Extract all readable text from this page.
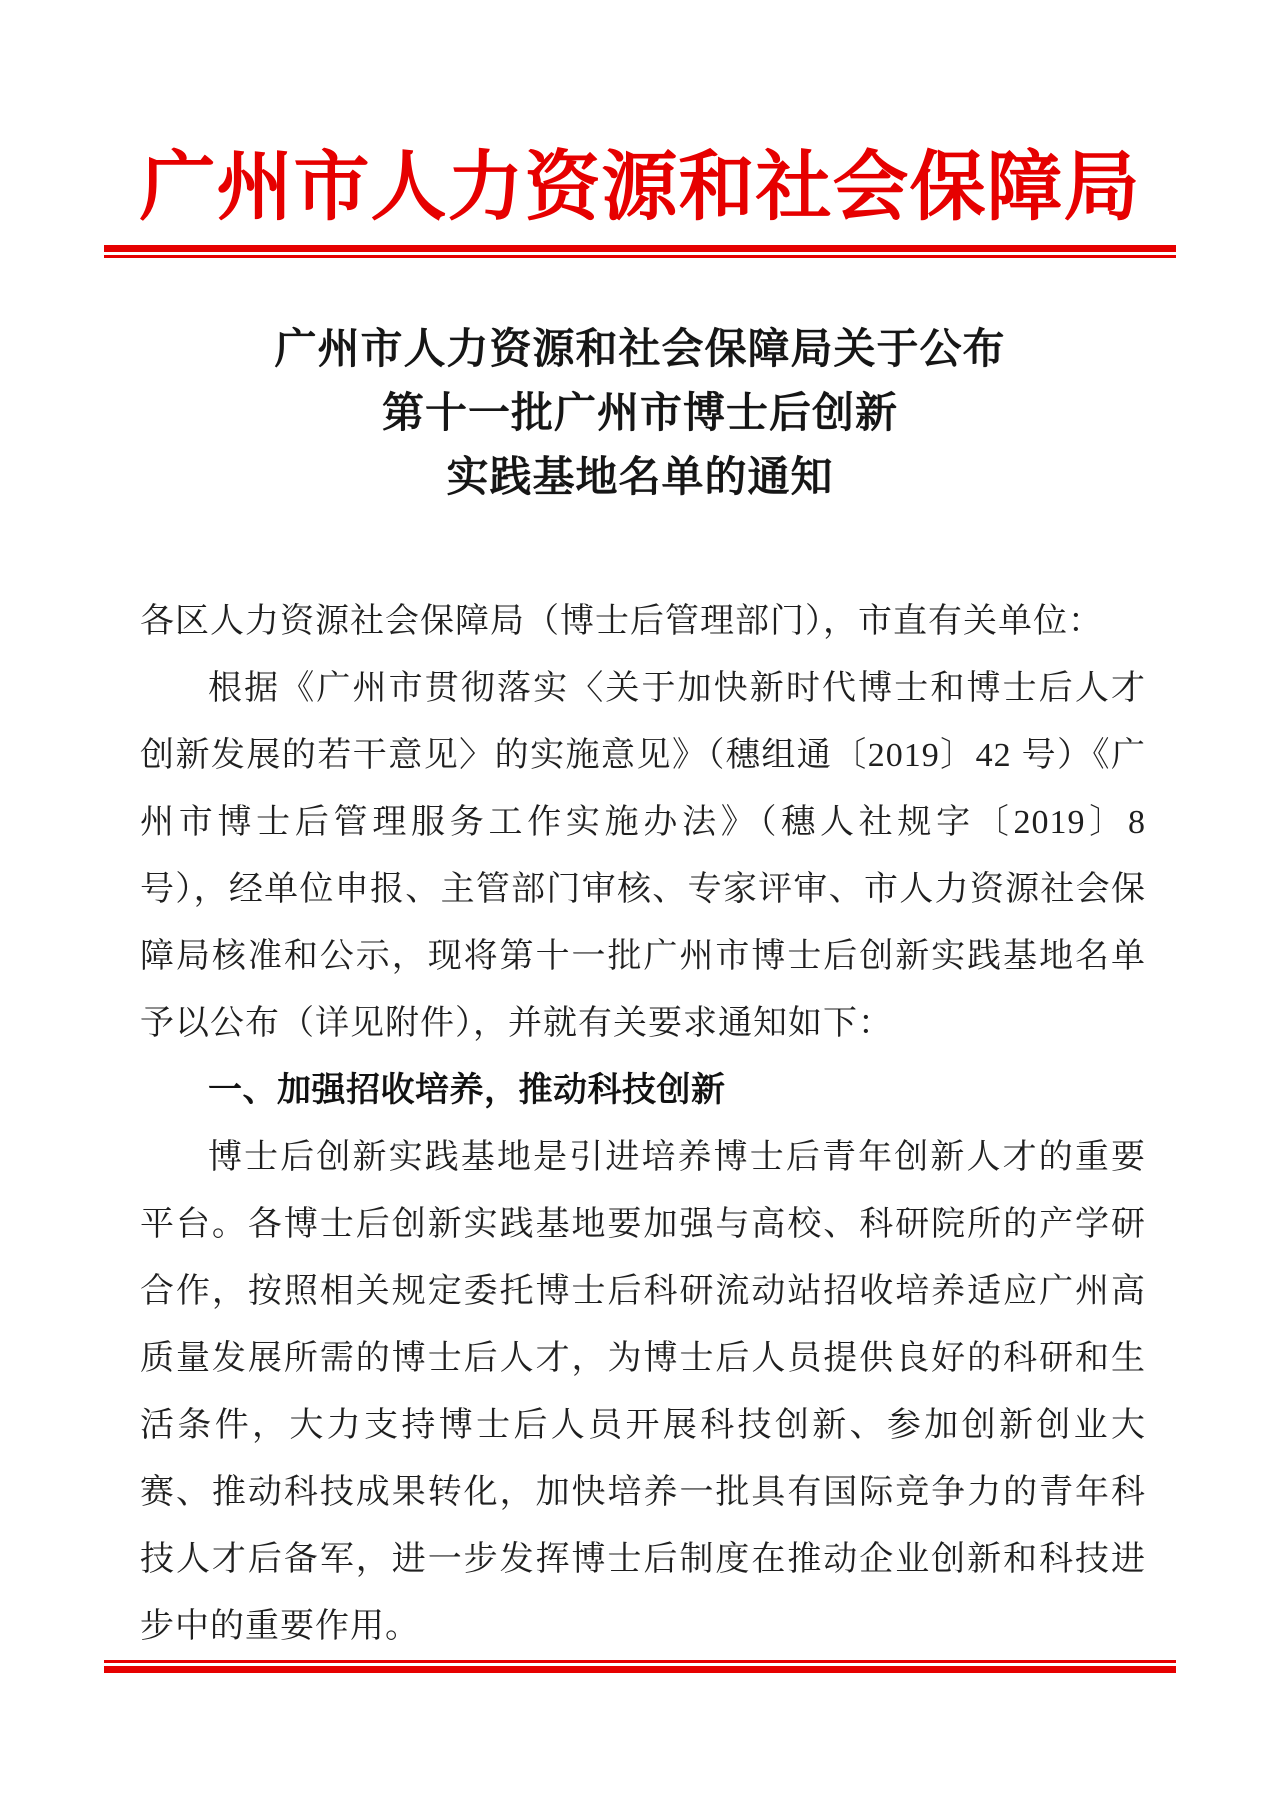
广州市人力资源和社会保障局
广州市人力资源和社会保障局关于公布
第十一批广州市博士后创新
实践基地名单的通知

各区人力资源社会保障局（博士后管理部门），市直有关单位：

根据《广州市贯彻落实〈关于加快新时代博士和博士后人才创新发展的若干意见〉的实施意见》（穗组通〔2019〕42 号）《广州市博士后管理服务工作实施办法》（穗人社规字〔2019〕8 号），经单位申报、主管部门审核、专家评审、市人力资源社会保障局核准和公示，现将第十一批广州市博士后创新实践基地名单予以公布（详见附件），并就有关要求通知如下：

一、加强招收培养，推动科技创新

博士后创新实践基地是引进培养博士后青年创新人才的重要平台。各博士后创新实践基地要加强与高校、科研院所的产学研合作，按照相关规定委托博士后科研流动站招收培养适应广州高质量发展所需的博士后人才，为博士后人员提供良好的科研和生活条件，大力支持博士后人员开展科技创新、参加创新创业大赛、推动科技成果转化，加快培养一批具有国际竞争力的青年科技人才后备军，进一步发挥博士后制度在推动企业创新和科技进步中的重要作用。
